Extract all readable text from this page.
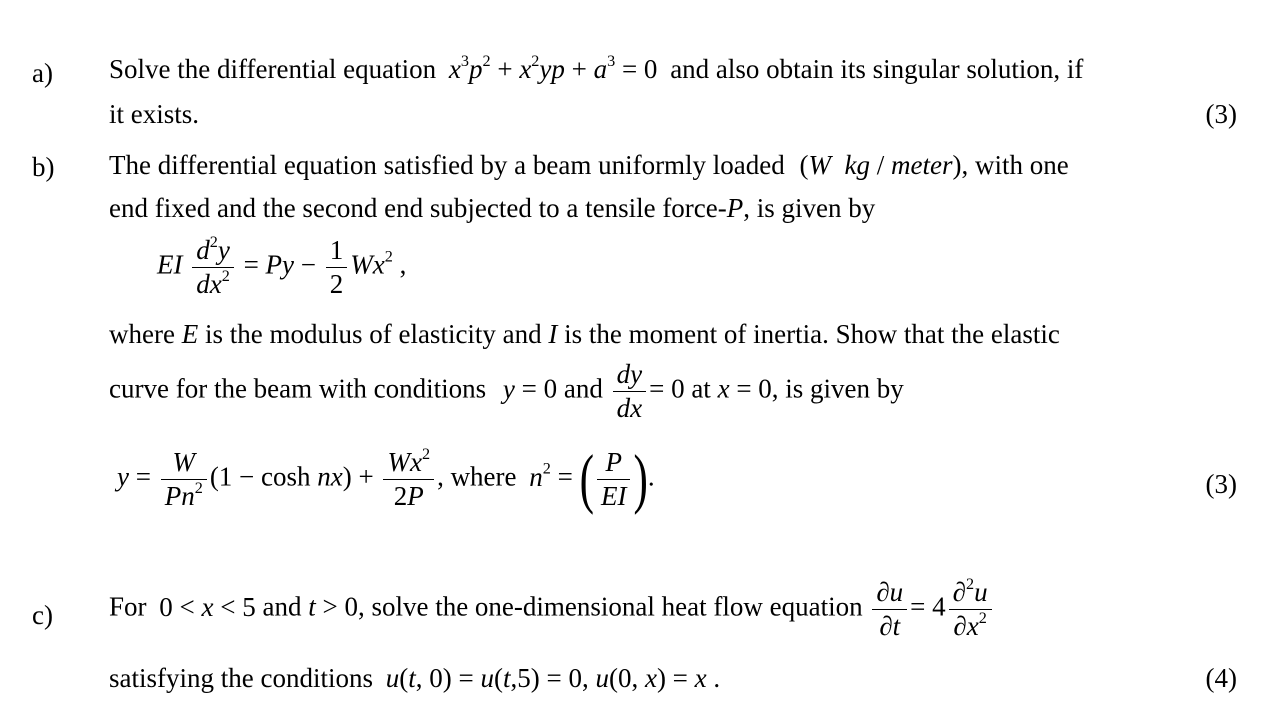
a) Solve the differential equation $x^3p^2 + x^2yp + a^3 = 0$ and also obtain its singular solution, if
it exists.	(3)
b) The differential equation satisfied by a beam uniformly loaded (W  kg / meter), with one
end fixed and the second end subjected to a tensile force-P, is given by
EI $\frac{d^2y}{dx^2} = Py - \frac{1}{2} Wx^2$ ,
where E is the modulus of elasticity and I is the moment of inertia. Show that the elastic
curve for the beam with conditions y = 0 and $\frac{dy}{dx} = 0$ at x = 0, is given by
$y = \frac{W}{Pn^2} (1 - \cosh nx) + \frac{Wx^2}{2P}$ , where $n^2$ = ( $\frac{P}{EI}$ ).	(3)
c) For 0 < x < 5 and t > 0, solve the one-dimensional heat flow equation $\frac{\partial u}{\partial t} = 4 \frac{\partial^2u}{\partial x^2}$
satisfying the conditions u(t, 0) = u(t,5) = 0, u(0, x) = x .	(4)
